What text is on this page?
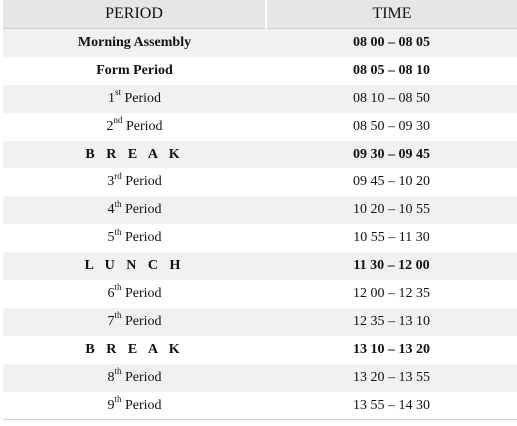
PERIOD	TIME
Morning Assembly	08 00 – 08 05
Form Period	08 05 – 08 10
1st Period	08 10 – 08 50
2nd Period	08 50 – 09 30
B R E A K	09 30 – 09 45
3rd Period	09 45 – 10 20
4th Period	10 20 – 10 55
5th Period	10 55 – 11 30
L U N C H	11 30 – 12 00
6th Period	12 00 – 12 35
7th Period	12 35 – 13 10
B R E A K	13 10 – 13 20
8th Period	13 20 – 13 55
9th Period	13 55 – 14 30
